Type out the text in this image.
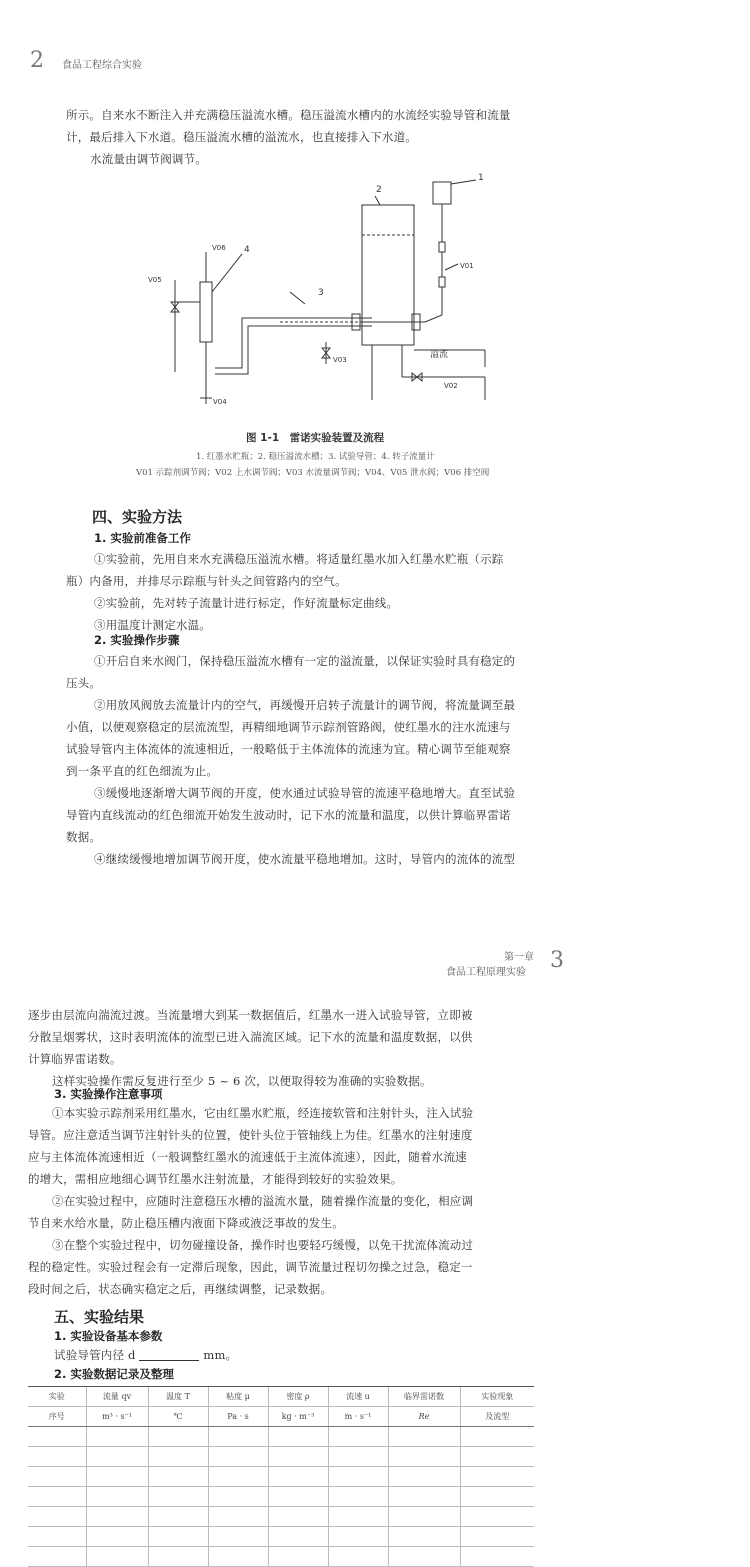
2 食品工程综合实验
所示。自来水不断注入并充满稳压溢流水槽。稳压溢流水槽内的水流经实验导管和流量
计，最后排入下水道。稳压溢流水槽的溢流水，也直接排入下水道。
水流量由调节阀调节。
2
1
3
4
V01
V02
V03
V04
V05
V06
溢流
图 1-1　雷诺实验装置及流程
1. 红墨水贮瓶；2. 稳压溢流水槽；3. 试验导管；4. 转子流量计
V01 示踪剂调节阀；V02 上水调节阀；V03 水流量调节阀；V04、V05 泄水阀；V06 排空阀
四、实验方法
1. 实验前准备工作
①实验前，先用自来水充满稳压溢流水槽。将适量红墨水加入红墨水贮瓶（示踪
瓶）内备用，并排尽示踪瓶与针头之间管路内的空气。
②实验前，先对转子流量计进行标定，作好流量标定曲线。
③用温度计测定水温。
2. 实验操作步骤
①开启自来水阀门，保持稳压溢流水槽有一定的溢流量，以保证实验时具有稳定的
压头。
②用放风阀放去流量计内的空气，再缓慢开启转子流量计的调节阀，将流量调至最
小值，以便观察稳定的层流流型，再精细地调节示踪剂管路阀，使红墨水的注水流速与
试验导管内主体流体的流速相近，一般略低于主体流体的流速为宜。精心调节至能观察
到一条平直的红色细流为止。
③缓慢地逐渐增大调节阀的开度，使水通过试验导管的流速平稳地增大。直至试验
导管内直线流动的红色细流开始发生波动时，记下水的流量和温度，以供计算临界雷诺
数据。
④继续缓慢地增加调节阀开度，使水流量平稳地增加。这时，导管内的流体的流型
第一章
食品工程原理实验 3
逐步由层流向湍流过渡。当流量增大到某一数据值后，红墨水一进入试验导管，立即被
分散呈烟雾状，这时表明流体的流型已进入湍流区域。记下水的流量和温度数据，以供
计算临界雷诺数。
这样实验操作需反复进行至少 5 ~ 6 次，以便取得较为准确的实验数据。
3. 实验操作注意事项
①本实验示踪剂采用红墨水，它由红墨水贮瓶，经连接软管和注射针头，注入试验
导管。应注意适当调节注射针头的位置，使针头位于管轴线上为佳。红墨水的注射速度
应与主体流体流速相近（一般调整红墨水的流速低于主流体流速），因此，随着水流速
的增大，需相应地细心调节红墨水注射流量，才能得到较好的实验效果。
②在实验过程中，应随时注意稳压水槽的溢流水量，随着操作流量的变化，相应调
节自来水给水量，防止稳压槽内液面下降或液泛事故的发生。
③在整个实验过程中，切勿碰撞设备，操作时也要轻巧缓慢，以免干扰流体流动过
程的稳定性。实验过程会有一定滞后现象，因此，调节流量过程切勿操之过急，稳定一
段时间之后，状态确实稳定之后，再继续调整，记录数据。
五、实验结果
1. 实验设备基本参数
试验导管内径 d	mm。
2. 实验数据记录及整理
实验	流量 qv	温度 T	粘度 μ	密度 ρ	流速 u	临界雷诺数	实验现象
序号	m³ · s⁻¹	℃	Pa · s	kg · m⁻³	m · s⁻¹	Re	及流型
